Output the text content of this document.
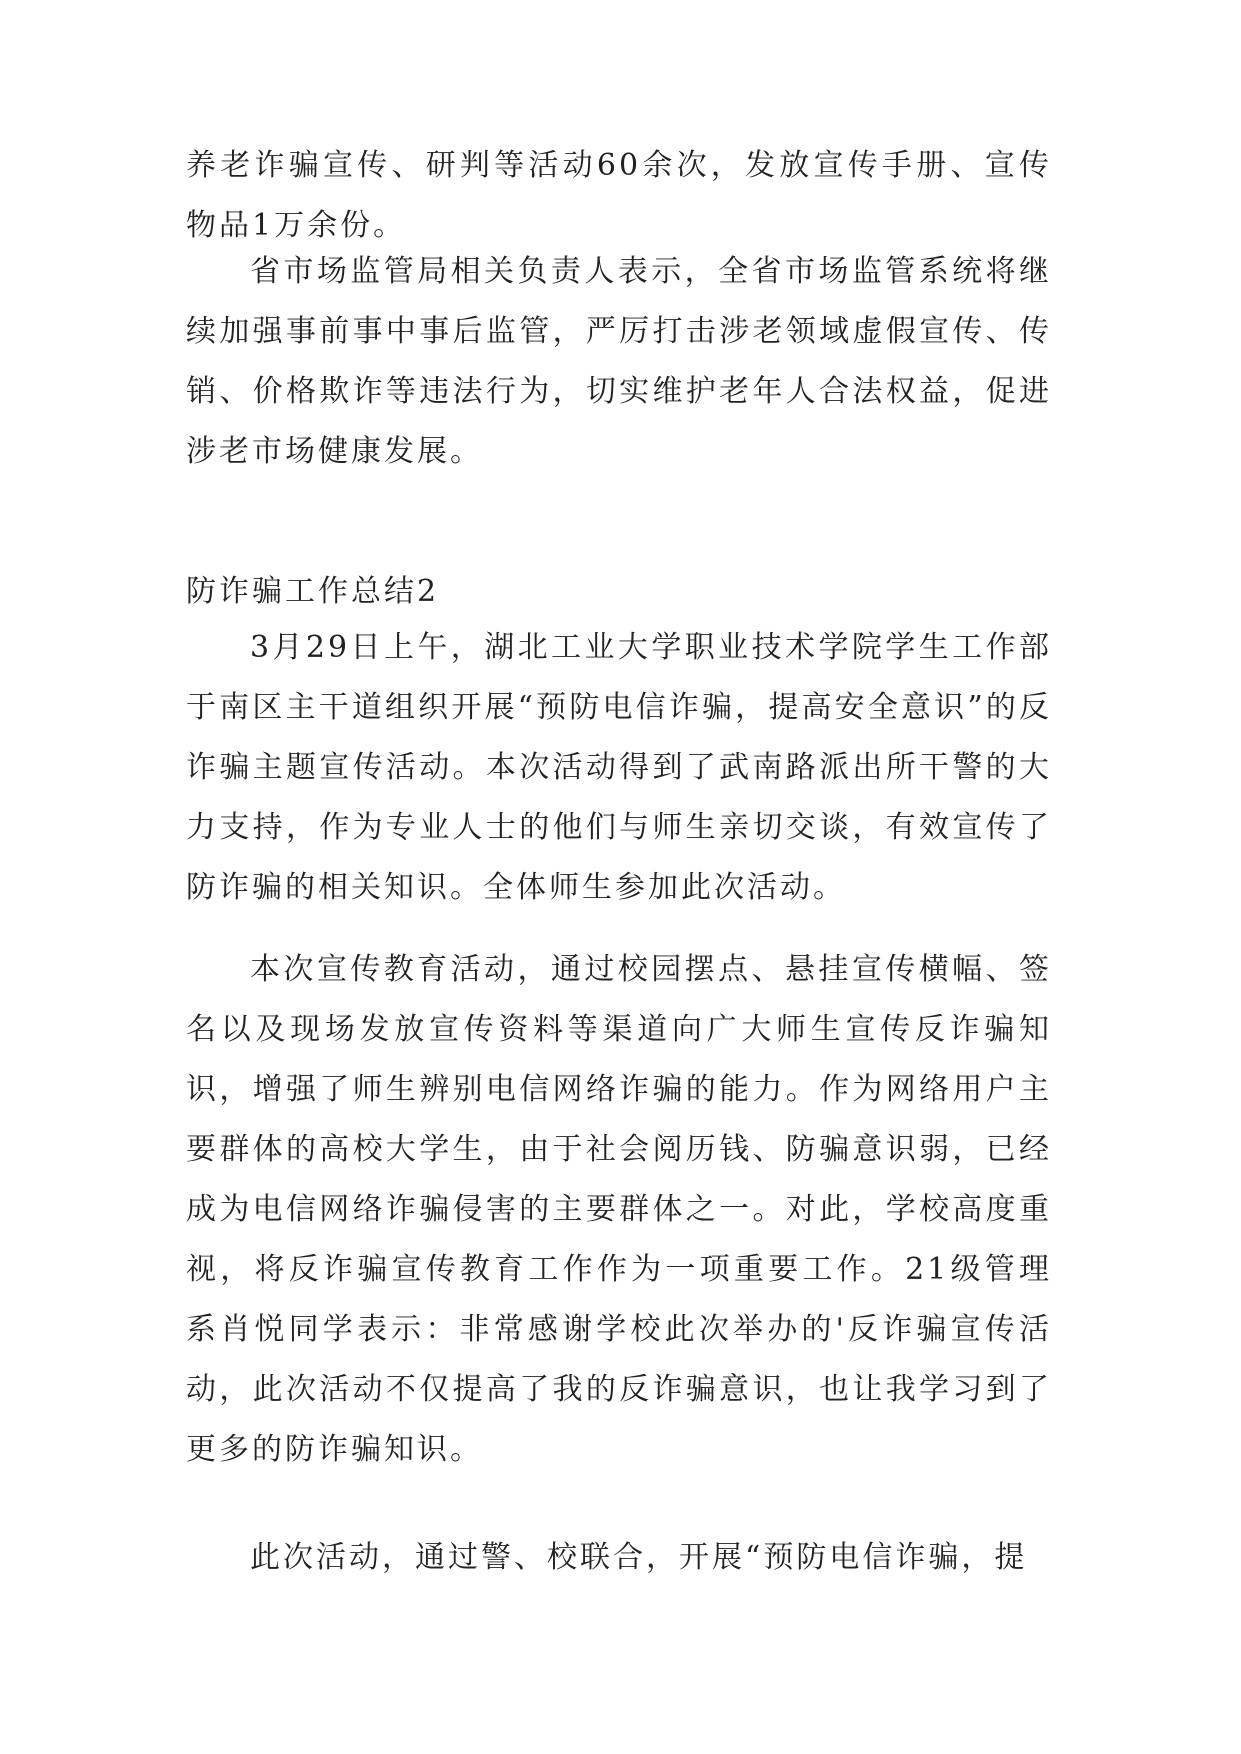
养老诈骗宣传、研判等活动60余次，发放宣传手册、宣传物品1万余份。

省市场监管局相关负责人表示，全省市场监管系统将继续加强事前事中事后监管，严厉打击涉老领域虚假宣传、传销、价格欺诈等违法行为，切实维护老年人合法权益，促进涉老市场健康发展。

防诈骗工作总结2

3月29日上午，湖北工业大学职业技术学院学生工作部于南区主干道组织开展“预防电信诈骗，提高安全意识”的反诈骗主题宣传活动。本次活动得到了武南路派出所干警的大力支持，作为专业人士的他们与师生亲切交谈，有效宣传了防诈骗的相关知识。全体师生参加此次活动。

本次宣传教育活动，通过校园摆点、悬挂宣传横幅、签名以及现场发放宣传资料等渠道向广大师生宣传反诈骗知识，增强了师生辨别电信网络诈骗的能力。作为网络用户主要群体的高校大学生，由于社会阅历钱、防骗意识弱，已经成为电信网络诈骗侵害的主要群体之一。对此，学校高度重视，将反诈骗宣传教育工作作为一项重要工作。21级管理系肖悦同学表示：非常感谢学校此次举办的'反诈骗宣传活动，此次活动不仅提高了我的反诈骗意识，也让我学习到了更多的防诈骗知识。

此次活动，通过警、校联合，开展“预防电信诈骗，提
